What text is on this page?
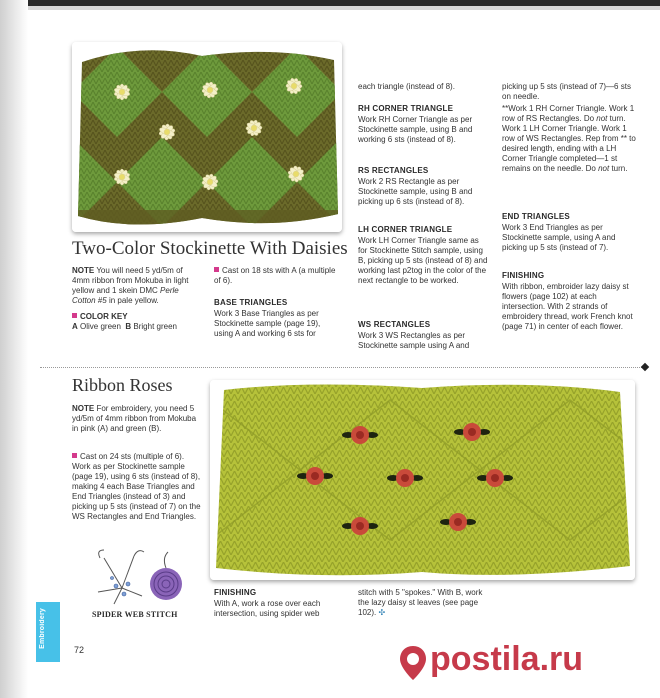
Two-Color Stockinette With Daisies
NOTE You will need 5 yd/5m of 4mm ribbon from Mokuba in light yellow and 1 skein DMC Perle Cotton #5 in pale yellow.
COLOR KEY
A Olive green B Bright green
Cast on 18 sts with A (a multiple of 6).
BASE TRIANGLES
Work 3 Base Triangles as per Stockinette sample (page 19), using A and working 6 sts for
each triangle (instead of 8).
RH CORNER TRIANGLE
Work RH Corner Triangle as per Stockinette sample, using B and working 6 sts (instead of 8).
RS RECTANGLES
Work 2 RS Rectangle as per Stockinette sample, using B and picking up 6 sts (instead of 8).
LH CORNER TRIANGLE
Work LH Corner Triangle same as for Stockinette Stitch sample, using B, picking up 5 sts (instead of 8) and working last p2tog in the color of the next rectangle to be worked.
WS RECTANGLES
Work 3 WS Rectangles as per Stockinette sample using A and
picking up 5 sts (instead of 7)—6 sts on needle.
**Work 1 RH Corner Triangle. Work 1 row of RS Rectangles. Do not turn. Work 1 LH Corner Triangle. Work 1 row of WS Rectangles. Rep from ** to desired length, ending with a LH Corner Triangle completed—1 st remains on the needle. Do not turn.
END TRIANGLES
Work 3 End Triangles as per Stockinette sample, using A and picking up 5 sts (instead of 7).
FINISHING
With ribbon, embroider lazy daisy st flowers (page 102) at each intersection. With 2 strands of embroidery thread, work French knot (page 71) in center of each flower.
Ribbon Roses
NOTE For embroidery, you need 5 yd/5m of 4mm ribbon from Mokuba in pink (A) and green (B).
Cast on 24 sts (multiple of 6). Work as per Stockinette sample (page 19), using 6 sts (instead of 8), making 4 each Base Triangles and End Triangles (instead of 3) and picking up 5 sts (instead of 7) on the WS Rectangles and End Triangles.
SPIDER WEB STITCH
FINISHING
With A, work a rose over each intersection, using spider web
stitch with 5 "spokes." With B, work the lazy daisy st leaves (see page 102). ✣
Embroidery
72	postila.ru
